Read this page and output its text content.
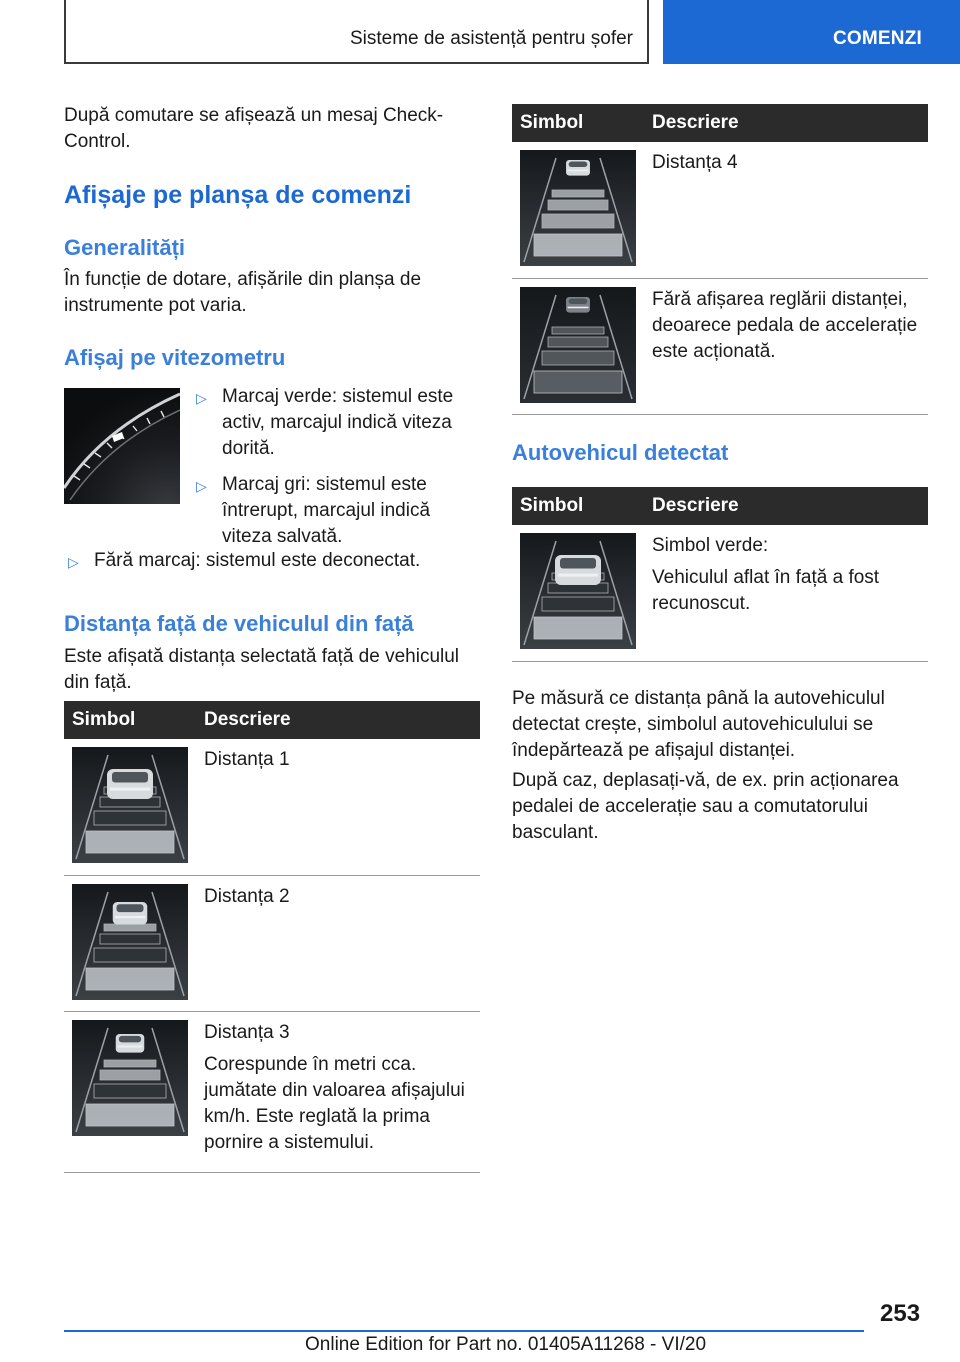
Sisteme de asistență pentru șofer	COMENZI

După comutare se afișează un mesaj Check-Control.

Afișaje pe planșa de comenzi
Generalități

În funcție de dotare, afișările din planșa de instrumente pot varia.

Afișaj pe vitezometru
▷ Marcaj verde: sistemul este activ, marcajul indică viteza dorită.
▷ Marcaj gri: sistemul este întrerupt, marcajul indică viteza salvată.
▷ Fără marcaj: sistemul este deconectat.
Distanța față de vehiculul din față

Este afișată distanța selectată față de vehiculul din față.

Simbol	Descriere

Distanța 1

Distanța 2

Distanța 3

Corespunde în metri cca. jumătate din valoarea afișajului km/h. Este reglată la prima pornire a sistemului.

Simbol	Descriere

Distanța 4

Fără afișarea reglării distanței, deoarece pedala de accelerație este acționată.

Autovehicul detectat
Simbol	Descriere

Simbol verde:

Vehiculul aflat în față a fost recunoscut.

Pe măsură ce distanța până la autovehiculul detectat crește, simbolul autovehiculului se îndepărtează pe afișajul distanței.

După caz, deplasați-vă, de ex. prin acționarea pedalei de accelerație sau a comutatorului basculant.

253
Online Edition for Part no. 01405A11268 - VI/20
